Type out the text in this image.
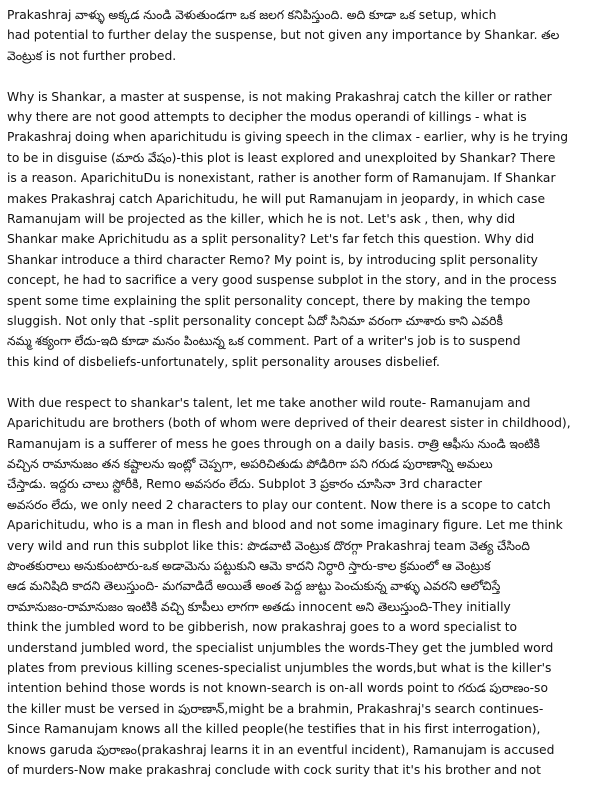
Prakashraj వాళ్ళు అక్కడ నుండి వెళుతుండగా ఒక జలగ కనిపిస్తుంది. అది కూడా ఒక setup, which
had potential to further delay the suspense, but not given any importance by Shankar. తల
వెంట్రుక is not further probed.

Why is Shankar, a master at suspense, is not making Prakashraj catch the killer or rather
why there are not good attempts to decipher the modus operandi of killings - what is
Prakashraj doing when aparichitudu is giving speech in the climax - earlier, why is he trying
to be in disguise (మారు వేషం)-this plot is least explored and unexploited by Shankar? There
is a reason. AparichituDu is nonexistant, rather is another form of Ramanujam. If Shankar
makes Prakashraj catch Aparichitudu, he will put Ramanujam in jeopardy, in which case
Ramanujam will be projected as the killer, which he is not. Let's ask , then, why did
Shankar make Aprichitudu as a split personality? Let's far fetch this question. Why did
Shankar introduce a third character Remo? My point is, by introducing split personality
concept, he had to sacrifice a very good suspense subplot in the story, and in the process
spent some time explaining the split personality concept, there by making the tempo
sluggish. Not only that -split personality concept ఏదో సినిమా వరంగా చూశారు కాని ఎవరికీ
నమ్మ శక్యంగా లేదు-ఇది కూడా మనం పింటున్న ఒక comment. Part of a writer's job is to suspend
this kind of disbeliefs-unfortunately, split personality arouses disbelief.

With due respect to shankar's talent, let me take another wild route- Ramanujam and
Aparichitudu are brothers (both of whom were deprived of their dearest sister in childhood),
Ramanujam is a sufferer of mess he goes through on a daily basis. రాత్రి ఆఫీసు నుండి ఇంటికి
వచ్చిన రామానుజం తన కష్టాలను ఇంట్లో చెప్పగా, అపరిచితుడు పోడిరిగా పని గరుడ పురాణాన్ని అమలు
చేస్తాడు. ఇద్దరు చాలు స్టోరీకి, Remo అవసరం లేదు. Subplot 3 ప్రకారం చూసినా 3rd character
అవసరం లేదు, we only need 2 characters to play our content. Now there is a scope to catch
Aparichitudu, who is a man in flesh and blood and not some imaginary figure. Let me think
very wild and run this subplot like this: పొడవాటి వెంట్రుక దొరగ్గా Prakashraj team వెత్య చేసింది
పొంతకురాలు అనుకుంటారు-ఒక అడామెను పట్టుకుని ఆమె కాదని నిర్ధారి స్తారు-కాల క్రమంలో ఆ వెంట్రుక
ఆడ మనిషిది కాదని తెలుస్తుంది- మగవాడిదే అయితే అంత పెద్ద జుట్టు పెంచుకున్న వాళ్ళు ఎవరని ఆలోచిస్తే
రామానుజం-రామానుజం ఇంటికి వచ్చి కూపీలు లాగగా అతడు innocent అని తెలుస్తుంది-They initially
think the jumbled word to be gibberish, now prakashraj goes to a word specialist to
understand jumbled word, the specialist unjumbles the words-They get the jumbled word
plates from previous killing scenes-specialist unjumbles the words,but what is the killer's
intention behind those words is not known-search is on-all words point to గరుడ పురాణం-so
the killer must be versed in పురాణాన్,might be a brahmin, Prakashraj's search continues-
Since Ramanujam knows all the killed people(he testifies that in his first interrogation),
knows garuda పురాణం(prakashraj learns it in an eventful incident), Ramanujam is accused
of murders-Now make prakashraj conclude with cock surity that it's his brother and not
